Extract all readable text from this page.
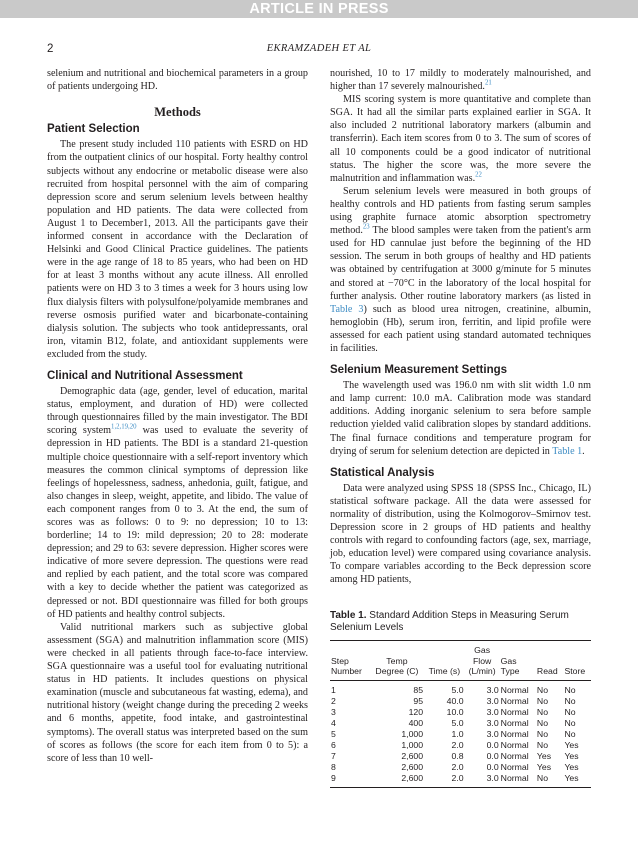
ARTICLE IN PRESS
2	EKRAMZADEH ET AL

selenium and nutritional and biochemical parameters in a group of patients undergoing HD.

Methods
Patient Selection

The present study included 110 patients with ESRD on HD from the outpatient clinics of our hospital. Forty healthy control subjects without any endocrine or metabolic disease were also recruited from hospital personnel with the aim of comparing depression score and serum selenium levels between healthy population and HD patients. The data were collected from August 1 to December1, 2013. All the participants gave their informed consent in accordance with the Declaration of Helsinki and Good Clinical Practice guidelines. The patients were in the age range of 18 to 85 years, who had been on HD for at least 3 months without any acute illness. All enrolled patients were on HD 3 to 3 times a week for 3 hours using low flux dialysis filters with polysulfone/polyamide membranes and reverse osmosis purified water and bicarbonate-containing dialysis solution. The subjects who took antidepressants, oral iron, vitamin B12, folate, and antioxidant supplements were excluded from the study.

Clinical and Nutritional Assessment

Demographic data (age, gender, level of education, marital status, employment, and duration of HD) were collected through questionnaires filled by the main investigator. The BDI scoring system$^{1,2,19,20}$ was used to evaluate the severity of depression in HD patients. The BDI is a standard 21-question multiple choice questionnaire with a self-report inventory which measures the common clinical symptoms of depression like feelings of hopelessness, sadness, anhedonia, guilt, fatigue, and also changes in sleep, weight, appetite, and libido. The value of each component ranges from 0 to 3. At the end, the sum of scores was as follows: 0 to 9: no depression; 10 to 13: borderline; 14 to 19: mild depression; 20 to 28: moderate depression; and 29 to 63: severe depression. Higher scores were indicative of more severe depression. The questions were read and replied by each patient, and the total score was compared with a key to decide whether the patient was categorized as depressed or not. BDI questionnaire was filled for both groups of HD patients and healthy control subjects.

Valid nutritional markers such as subjective global assessment (SGA) and malnutrition inflammation score (MIS) were checked in all patients through face-to-face interview. SGA questionnaire was a useful tool for evaluating nutritional status in HD patients. It includes questions on physical examination (muscle and subcutaneous fat wasting, edema), and nutritional history (weight change during the preceding 2 weeks and 6 months, appetite, food intake, and gastrointestinal symptoms). The overall status was interpreted based on the sum of scores as follows (the score for each item from 0 to 5): a score of less than 10 well-

nourished, 10 to 17 mildly to moderately malnourished, and higher than 17 severely malnourished.$^{21}$

MIS scoring system is more quantitative and complete than SGA. It had all the similar parts explained earlier in SGA. It also included 2 nutritional laboratory markers (albumin and transferrin). Each item scores from 0 to 3. The sum of scores of all 10 components could be a good indicator of nutritional status. The higher the score was, the more severe the malnutrition and inflammation was.$^{22}$

Serum selenium levels were measured in both groups of healthy controls and HD patients from fasting serum samples using graphite furnace atomic absorption spectrometry method.$^{23}$ The blood samples were taken from the patient's arm used for HD cannulae just before the beginning of the HD session. The serum in both groups of healthy and HD patients was obtained by centrifugation at 3000 g/minute for 5 minutes and stored at −70°C in the laboratory of the local hospital for further analysis. Other routine laboratory markers (as listed in Table 3) such as blood urea nitrogen, creatinine, albumin, hemoglobin (Hb), serum iron, ferritin, and lipid profile were assessed for each patient using standard automated techniques in facilities.

Selenium Measurement Settings

The wavelength used was 196.0 nm with slit width 1.0 nm and lamp current: 10.0 mA. Calibration mode was standard additions. Adding inorganic selenium to sera before sample reduction yielded valid calibration slopes by standard additions. The final furnace conditions and temperature program for drying of serum for selenium detection are depicted in Table 1.

Statistical Analysis

Data were analyzed using SPSS 18 (SPSS Inc., Chicago, IL) statistical software package. All the data were assessed for normality of distribution, using the Kolmogorov–Smirnov test. Depression score in 2 groups of HD patients and healthy controls with regard to confounding factors (age, sex, marriage, job, education level) were compared using covariance analysis. To compare variables according to the Beck depression score among HD patients,

Table 1. Standard Addition Steps in Measuring Serum Selenium Levels
Step
Number	Temp
Degree (C)	Time (s)	Gas
Flow
(L/min)	Gas
Type	Read	Store
1	85	5.0	3.0	Normal	No	No
2	95	40.0	3.0	Normal	No	No
3	120	10.0	3.0	Normal	No	No
4	400	5.0	3.0	Normal	No	No
5	1,000	1.0	3.0	Normal	No	No
6	1,000	2.0	0.0	Normal	No	Yes
7	2,600	0.8	0.0	Normal	Yes	Yes
8	2,600	2.0	0.0	Normal	Yes	Yes
9	2,600	2.0	3.0	Normal	No	Yes
